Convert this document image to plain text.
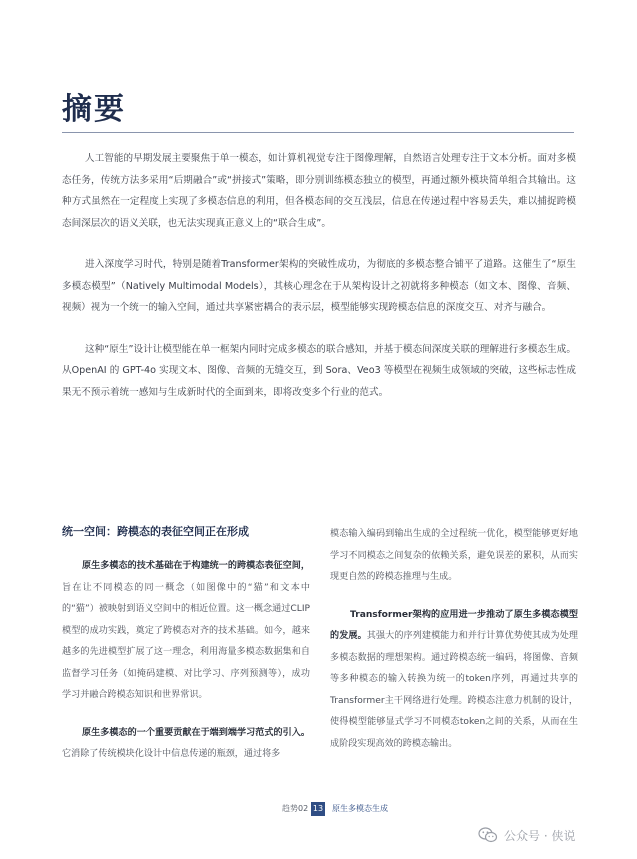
摘要

人工智能的早期发展主要聚焦于单一模态，如计算机视觉专注于图像理解，自然语言处理专注于文本分析。面对多模态任务，传统方法多采用“后期融合”或“拼接式”策略，即分别训练模态独立的模型，再通过额外模块简单组合其输出。这种方式虽然在一定程度上实现了多模态信息的利用，但各模态间的交互浅层，信息在传递过程中容易丢失，难以捕捉跨模态间深层次的语义关联，也无法实现真正意义上的“联合生成”。

进入深度学习时代，特别是随着Transformer架构的突破性成功，为彻底的多模态整合铺平了道路。这催生了“原生多模态模型”（Natively Multimodal Models），其核心理念在于从架构设计之初就将多种模态（如文本、图像、音频、视频）视为一个统一的输入空间，通过共享紧密耦合的表示层，模型能够实现跨模态信息的深度交互、对齐与融合。

这种“原生”设计让模型能在单一框架内同时完成多模态的联合感知，并基于模态间深度关联的理解进行多模态生成。从OpenAI 的 GPT-4o 实现文本、图像、音频的无缝交互，到 Sora、Veo3 等模型在视频生成领域的突破，这些标志性成果无不预示着统一感知与生成新时代的全面到来，即将改变多个行业的范式。

统一空间：跨模态的表征空间正在形成

原生多模态的技术基础在于构建统一的跨模态表征空间，旨在让不同模态的同一概念（如图像中的“猫”和文本中的“猫”）被映射到语义空间中的相近位置。这一概念通过CLIP模型的成功实践，奠定了跨模态对齐的技术基础。如今，越来越多的先进模型扩展了这一理念，利用海量多模态数据集和自监督学习任务（如掩码建模、对比学习、序列预测等），成功学习并融合跨模态知识和世界常识。

原生多模态的一个重要贡献在于端到端学习范式的引入。它消除了传统模块化设计中信息传递的瓶颈，通过将多

模态输入编码到输出生成的全过程统一优化，模型能够更好地学习不同模态之间复杂的依赖关系，避免误差的累积，从而实现更自然的跨模态推理与生成。

Transformer架构的应用进一步推动了原生多模态模型的发展。其强大的序列建模能力和并行计算优势使其成为处理多模态数据的理想架构。通过跨模态统一编码，将图像、音频等多种模态的输入转换为统一的token序列，再通过共享的Transformer主干网络进行处理。跨模态注意力机制的设计，使得模型能够显式学习不同模态token之间的关系，从而在生成阶段实现高效的跨模态输出。

趋势02 13 原生多模态生成
公众号 · 侠说
